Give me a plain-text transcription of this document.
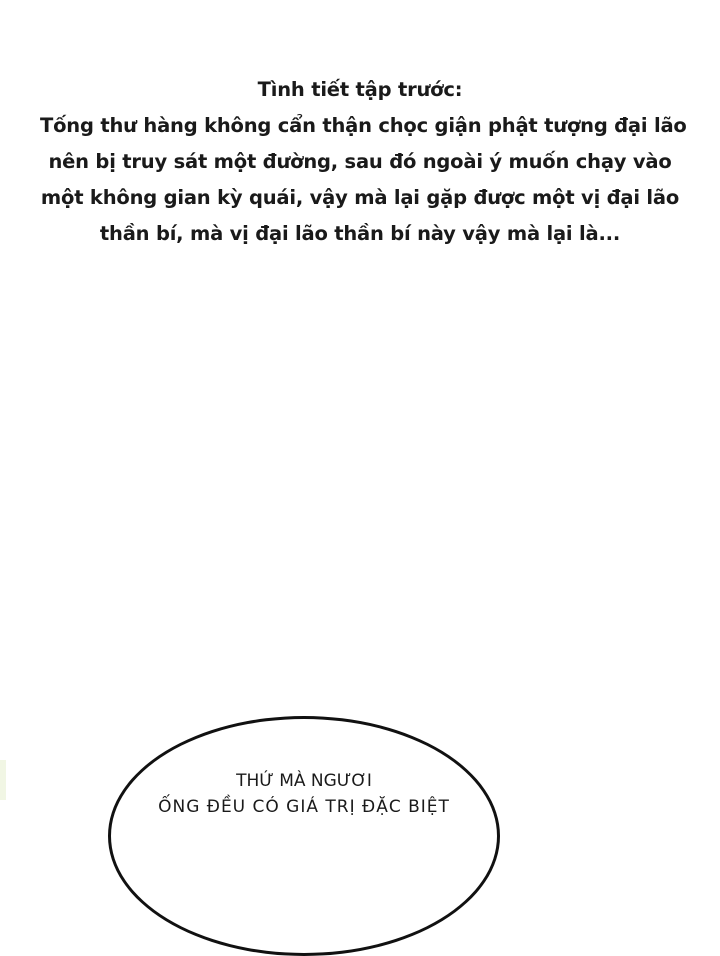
Tình tiết tập trước:
Tống thư hàng không cẩn thận chọc giận phật tượng đại lão
nên bị truy sát một đường, sau đó ngoài ý muốn chạy vào
một không gian kỳ quái, vậy mà lại gặp được một vị đại lão
thần bí, mà vị đại lão thần bí này vậy mà lại là...
THỨ MÀ NGƯƠI
